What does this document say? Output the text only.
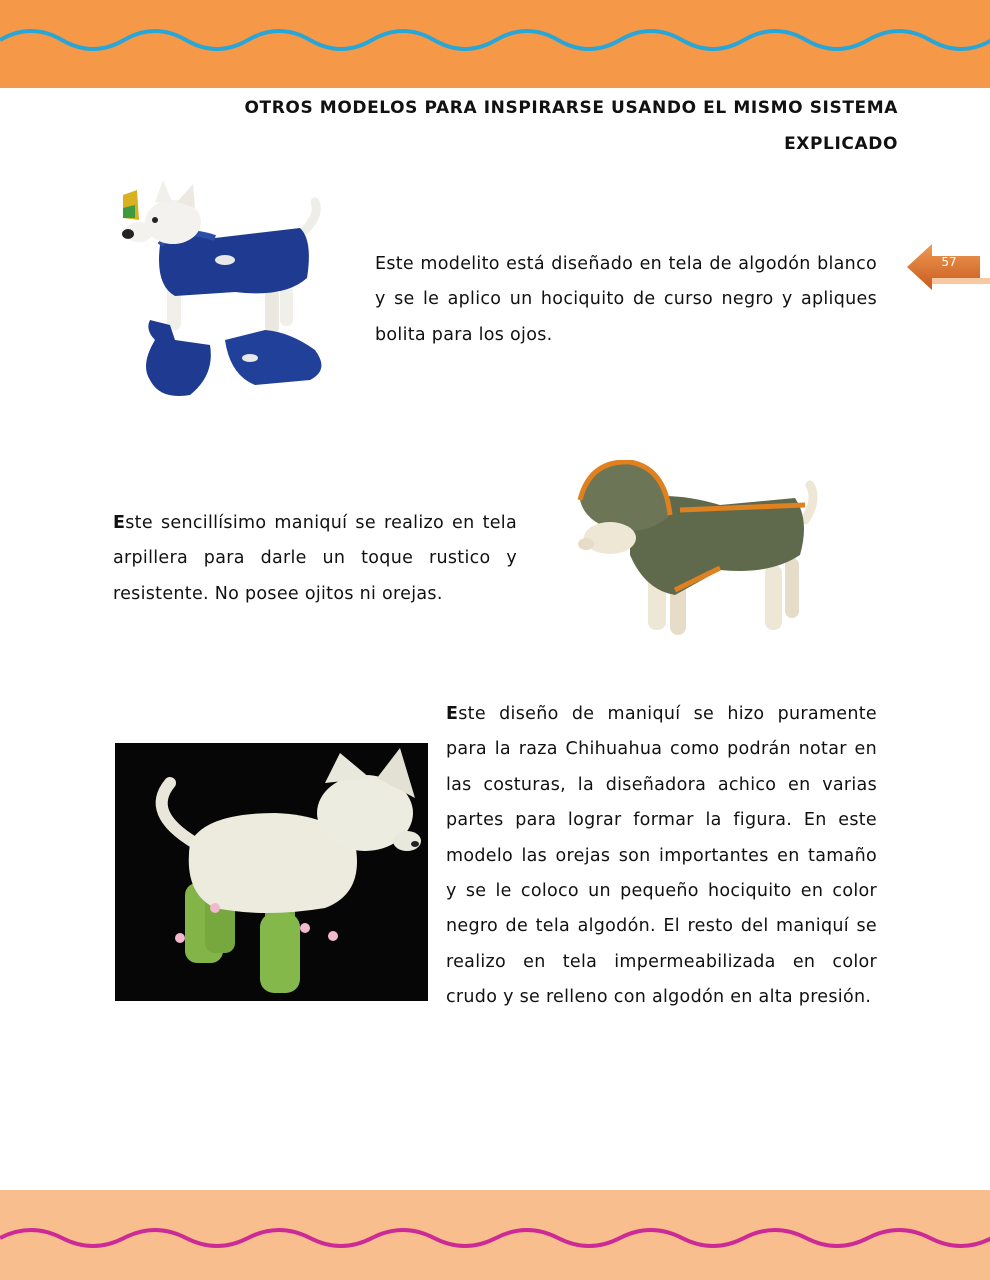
OTROS MODELOS PARA INSPIRARSE USANDO EL MISMO SISTEMA
EXPLICADO
57
Este modelito está diseñado en tela de algodón blanco y se le aplico un hociquito de curso negro y apliques bolita para los ojos.
Este sencillísimo maniquí se realizo en tela arpillera para darle un toque rustico y resistente. No posee ojitos ni orejas.
Este diseño de maniquí se hizo puramente para la raza Chihuahua como podrán notar en las costuras, la diseñadora achico en varias partes para lograr formar la figura. En este modelo las orejas son importantes en tamaño y se le coloco un pequeño hociquito en color negro de tela algodón. El resto del maniquí se realizo en tela impermeabilizada en color crudo y se relleno con algodón en alta presión.
